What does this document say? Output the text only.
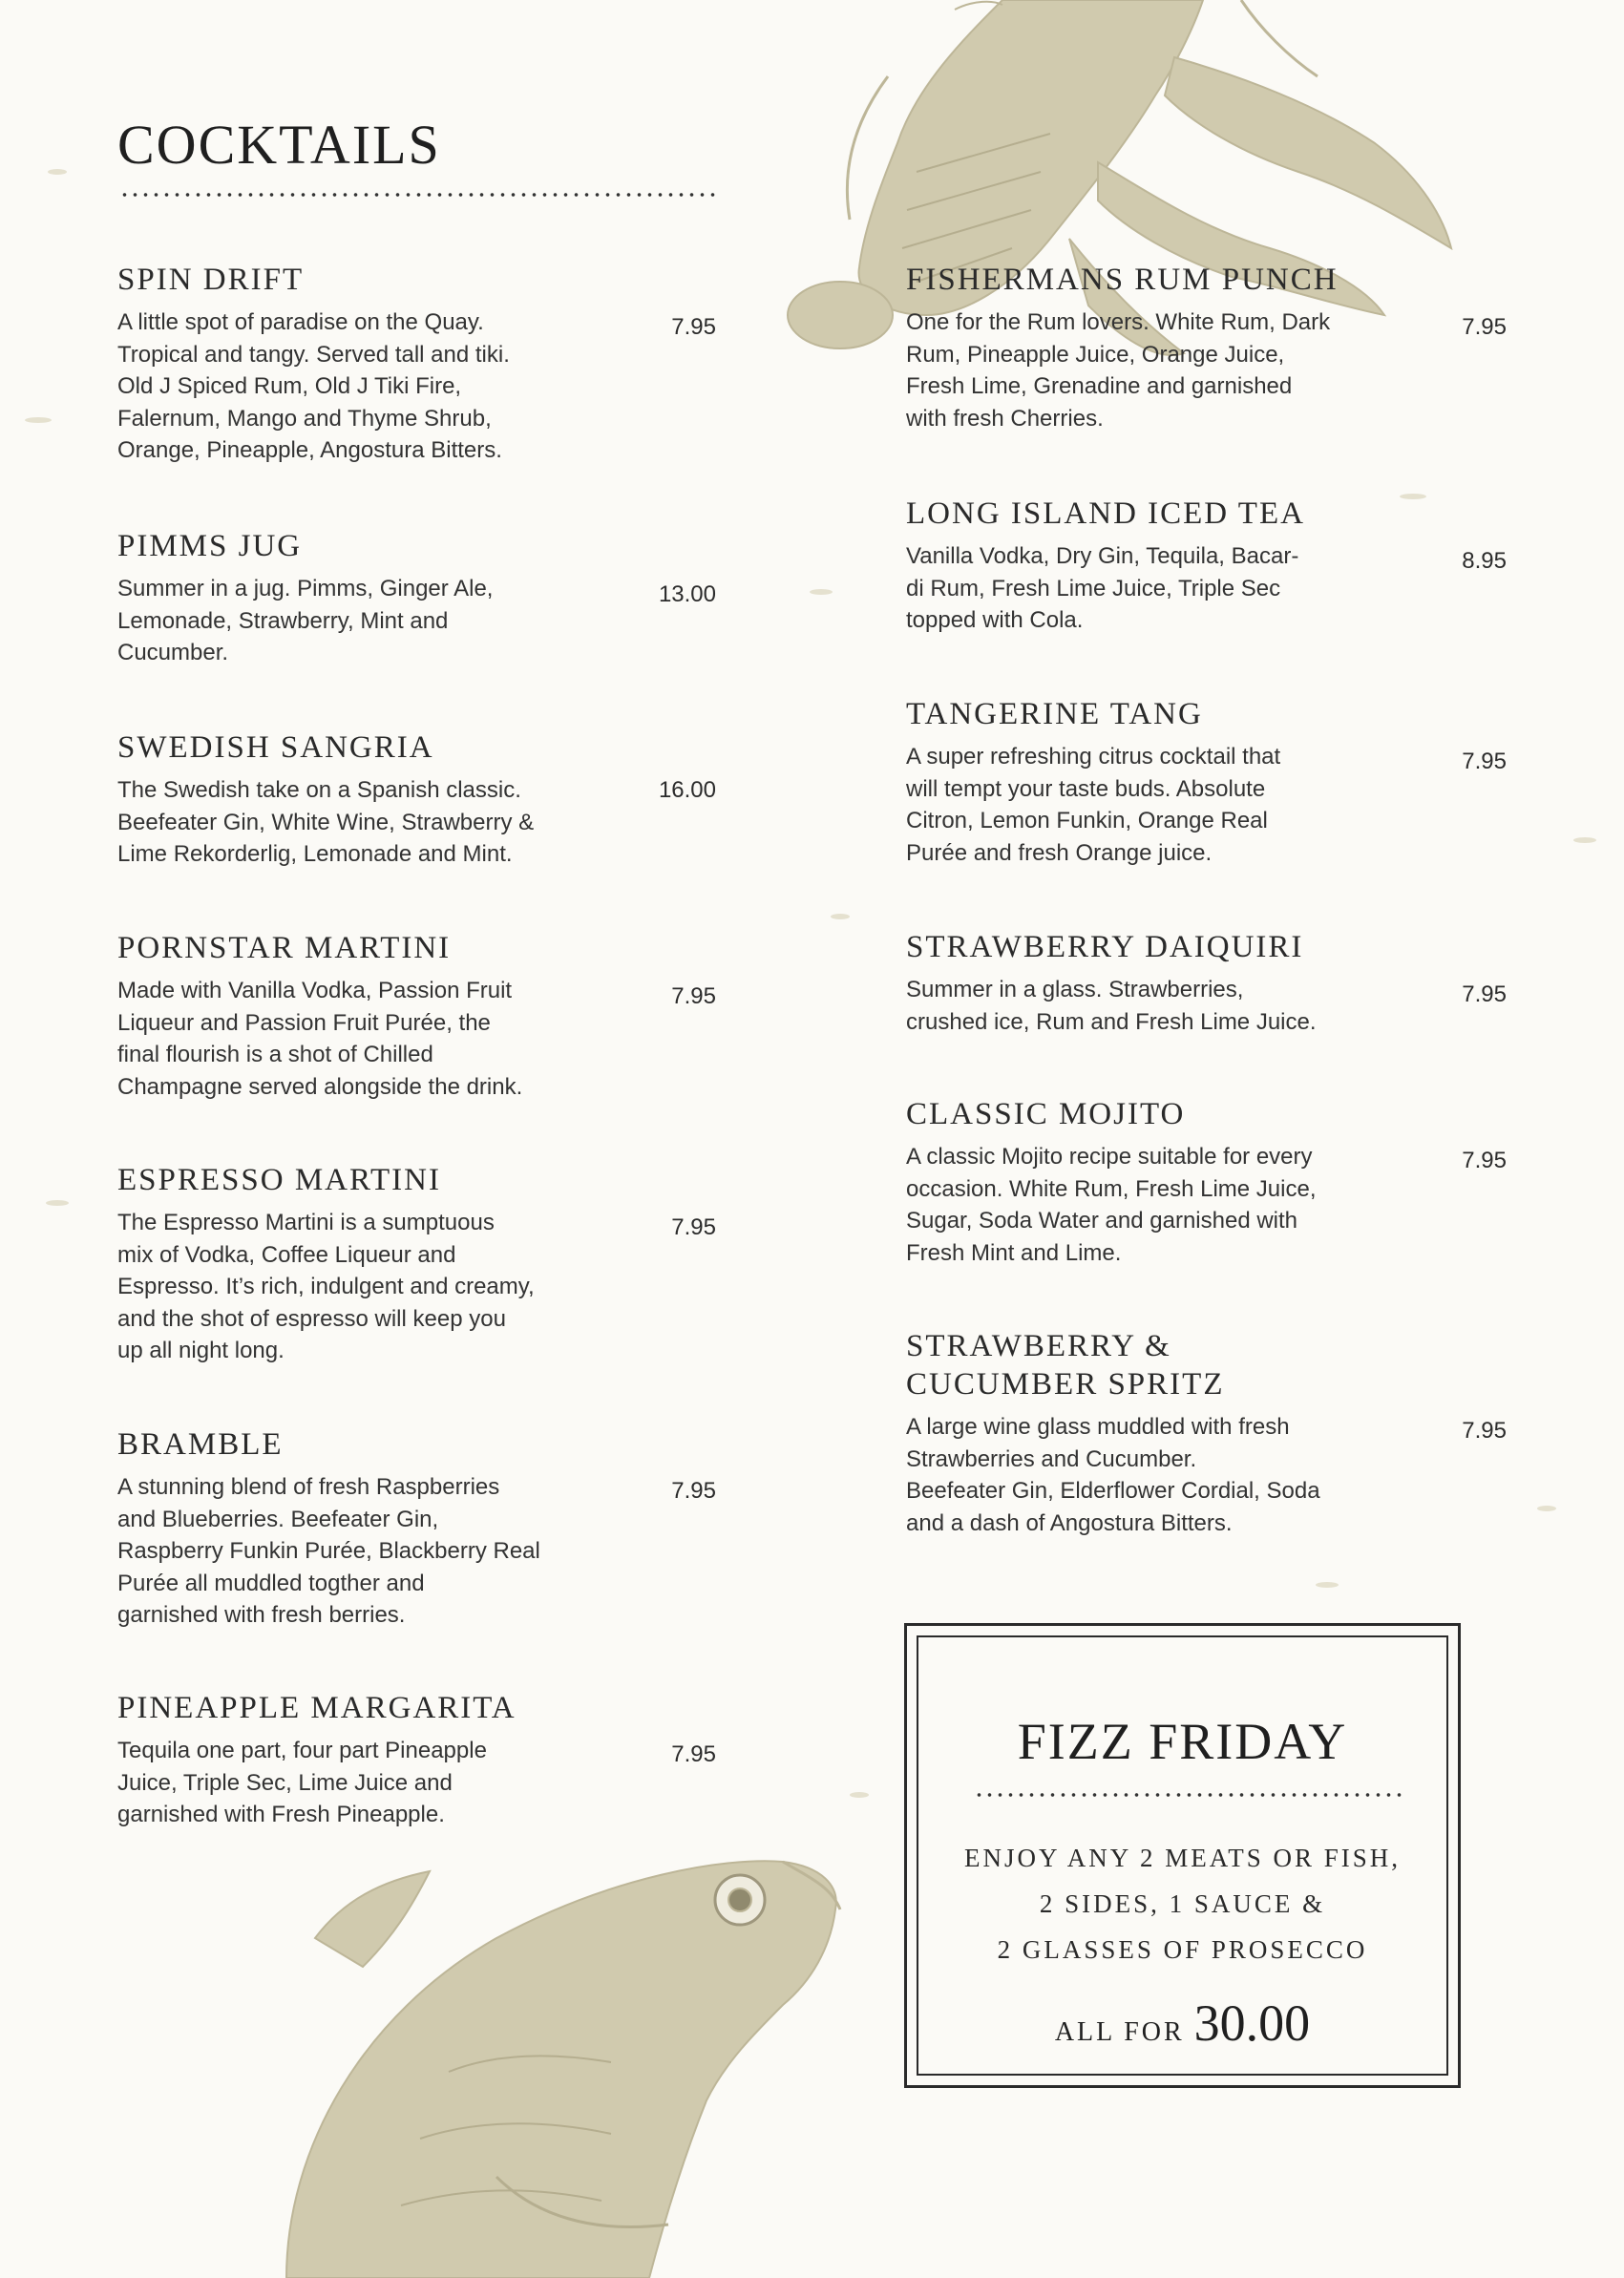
COCKTAILS
SPIN DRIFT

A little spot of paradise on the Quay.
Tropical and tangy. Served tall and tiki.
Old J Spiced Rum, Old J Tiki Fire,
Falernum, Mango and Thyme Shrub,
Orange, Pineapple, Angostura Bitters.

7.95
PIMMS JUG

Summer in a jug. Pimms, Ginger Ale,
Lemonade, Strawberry, Mint and
Cucumber.

13.00
SWEDISH SANGRIA

The Swedish take on a Spanish classic.
Beefeater Gin, White Wine, Strawberry &
Lime Rekorderlig, Lemonade and Mint.

16.00
PORNSTAR MARTINI

Made with Vanilla Vodka, Passion Fruit
Liqueur and Passion Fruit Purée, the
final flourish is a shot of Chilled
Champagne served alongside the drink.

7.95
ESPRESSO MARTINI

The Espresso Martini is a sumptuous
mix of Vodka, Coffee Liqueur and
Espresso. It’s rich, indulgent and creamy,
and the shot of espresso will keep you
up all night long.

7.95
BRAMBLE

A stunning blend of fresh Raspberries
and Blueberries. Beefeater Gin,
Raspberry Funkin Purée, Blackberry Real
Purée all muddled togther and
garnished with fresh berries.

7.95
PINEAPPLE MARGARITA

Tequila one part, four part Pineapple
Juice, Triple Sec, Lime Juice and
garnished with Fresh Pineapple.

7.95
FISHERMANS RUM PUNCH

One for the Rum lovers. White Rum, Dark
Rum, Pineapple Juice, Orange Juice,
Fresh Lime, Grenadine and garnished
with fresh Cherries.

7.95
LONG ISLAND ICED TEA

Vanilla Vodka, Dry Gin, Tequila, Bacar-
di Rum, Fresh Lime Juice, Triple Sec
topped with Cola.

8.95
TANGERINE TANG

A super refreshing citrus cocktail that
will tempt your taste buds. Absolute
Citron, Lemon Funkin, Orange Real
Purée and fresh Orange juice.

7.95
STRAWBERRY DAIQUIRI

Summer in a glass. Strawberries,
crushed ice, Rum and Fresh Lime Juice.

7.95
CLASSIC MOJITO

A classic Mojito recipe suitable for every
occasion. White Rum, Fresh Lime Juice,
Sugar, Soda Water and garnished with
Fresh Mint and Lime.

7.95
STRAWBERRY &
CUCUMBER SPRITZ

A large wine glass muddled with fresh
Strawberries and Cucumber.
Beefeater Gin, Elderflower Cordial, Soda
and a dash of Angostura Bitters.

7.95
FIZZ FRIDAY
ENJOY ANY 2 MEATS OR FISH,
2 SIDES, 1 SAUCE &
2 GLASSES OF PROSECCO
ALL FOR 30.00
